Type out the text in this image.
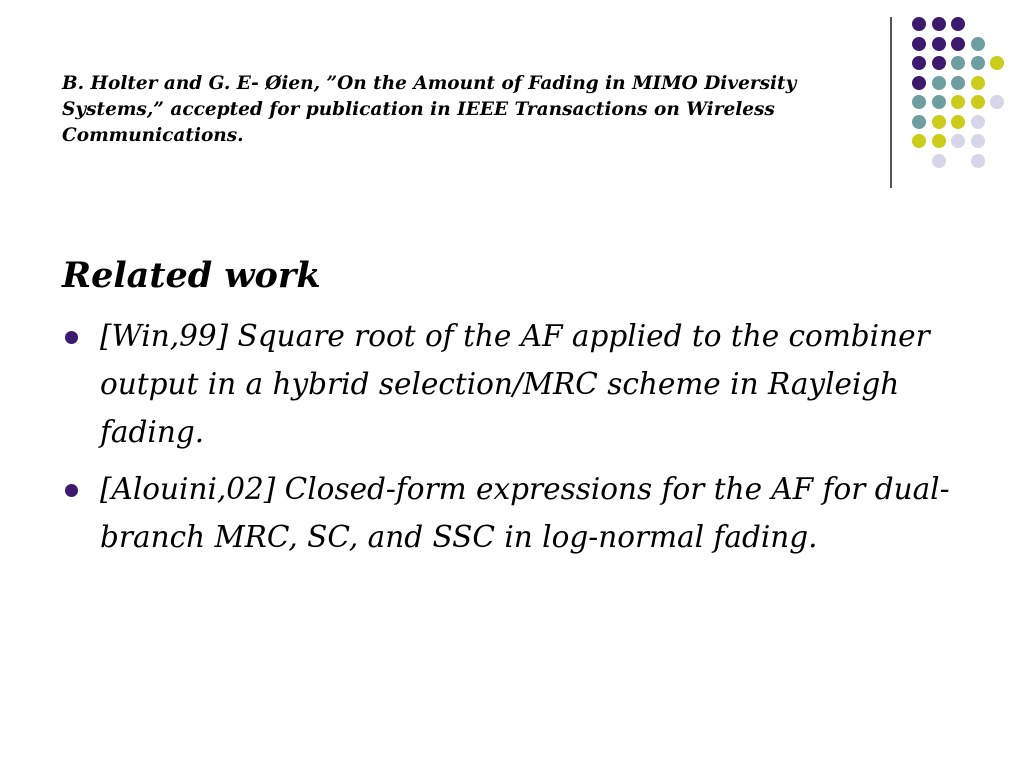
B. Holter and G. E- Øien, ”On the Amount of Fading in MIMO Diversity Systems,” accepted for publication in IEEE Transactions on Wireless Communications.

Related work
[Win,99] Square root of the AF applied to the combiner output in a hybrid selection/MRC scheme in Rayleigh fading.
[Alouini,02] Closed-form expressions for the AF for dual-branch MRC, SC, and SSC in log-normal fading.
